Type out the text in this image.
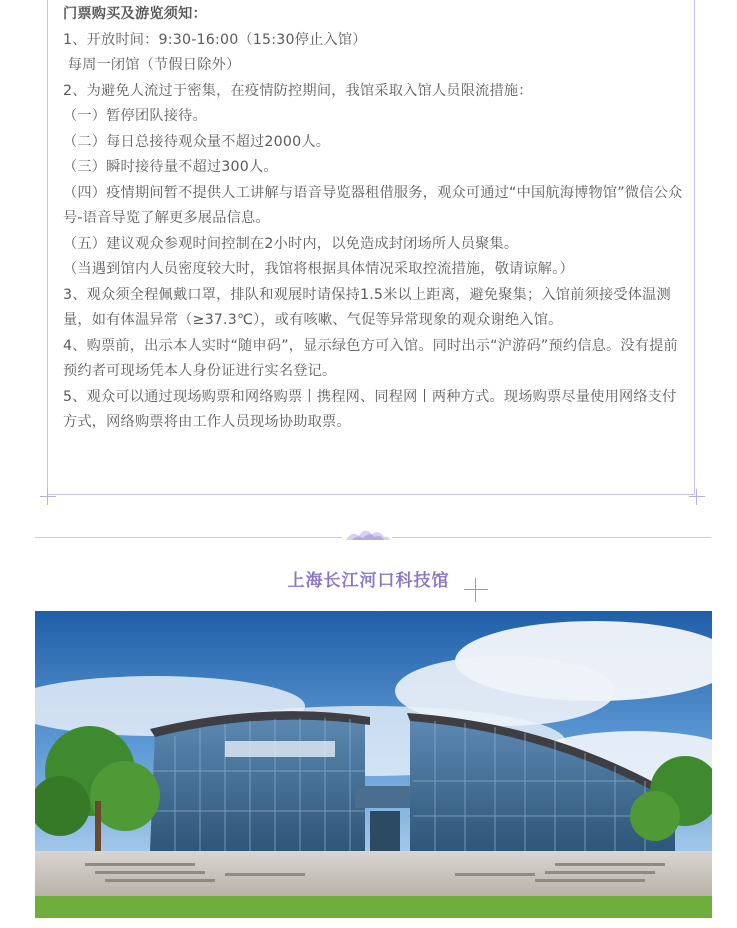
门票购买及游览须知：

1、开放时间：9:30-16:00（15:30停止入馆）

每周一闭馆（节假日除外）

2、为避免人流过于密集，在疫情防控期间，我馆采取入馆人员限流措施：

（一）暂停团队接待。

（二）每日总接待观众量不超过2000人。

（三）瞬时接待量不超过300人。

（四）疫情期间暂不提供人工讲解与语音导览器租借服务，观众可通过“中国航海博物馆”微信公众号-语音导览了解更多展品信息。

（五）建议观众参观时间控制在2小时内，以免造成封闭场所人员聚集。

（当遇到馆内人员密度较大时，我馆将根据具体情况采取控流措施，敬请谅解。）

3、观众须全程佩戴口罩，排队和观展时请保持1.5米以上距离，避免聚集；入馆前须接受体温测量，如有体温异常（≥37.3℃），或有咳嗽、气促等异常现象的观众谢绝入馆。

4、购票前，出示本人实时“随申码”，显示绿色方可入馆。同时出示“沪游码”预约信息。没有提前预约者可现场凭本人身份证进行实名登记。

5、观众可以通过现场购票和网络购票丨携程网、同程网丨两种方式。现场购票尽量使用网络支付方式，网络购票将由工作人员现场协助取票。

上海长江河口科技馆
